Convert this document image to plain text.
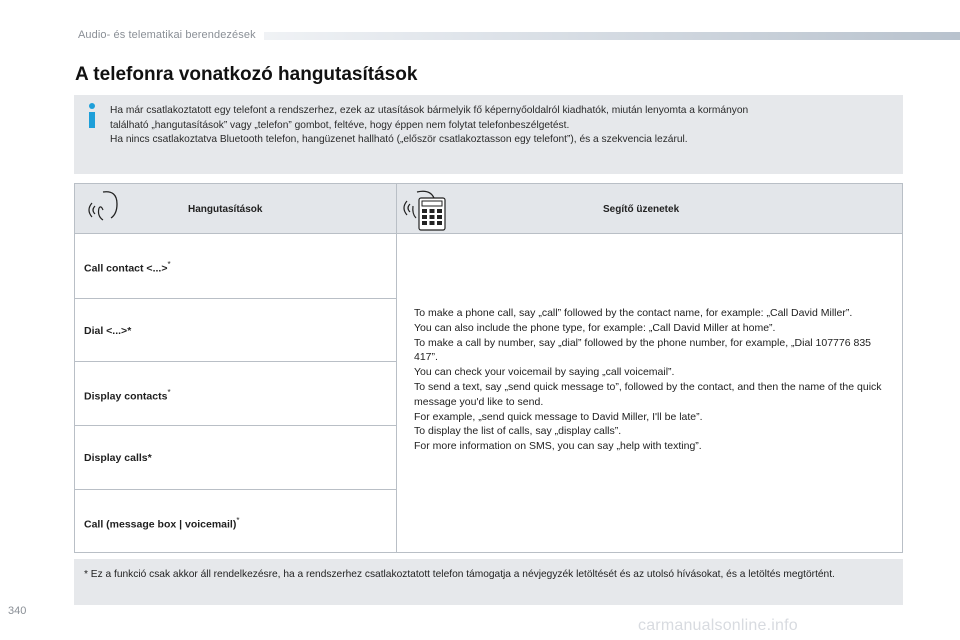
Audio- és telematikai berendezések
A telefonra vonatkozó hangutasítások
Ha már csatlakoztatott egy telefont a rendszerhez, ezek az utasítások bármelyik fő képernyőoldalról kiadhatók, miután lenyomta a kormányon
található „hangutasítások” vagy „telefon” gombot, feltéve, hogy éppen nem folytat telefonbeszélgetést.
Ha nincs csatlakoztatva Bluetooth telefon, hangüzenet hallható („először csatlakoztasson egy telefont”), és a szekvencia lezárul.
Hangutasítások	Segítő üzenetek
Call contact <...>*
Dial <...>*
Display contacts*
Display calls*
Call (message box | voicemail)*
To make a phone call, say „call” followed by the contact name, for example: „Call David Miller”.
You can also include the phone type, for example: „Call David Miller at home”.
To make a call by number, say „dial” followed by the phone number, for example, „Dial 107776 835 417”.
You can check your voicemail by saying „call voicemail”.
To send a text, say „send quick message to”, followed by the contact, and then the name of the quick message you'd like to send.
For example, „send quick message to David Miller, I'll be late”.
To display the list of calls, say „display calls”.
For more information on SMS, you can say „help with texting”.
* Ez a funkció csak akkor áll rendelkezésre, ha a rendszerhez csatlakoztatott telefon támogatja a névjegyzék letöltését és az utolsó hívásokat, és a letöltés megtörtént.
340
carmanualsonline.info
